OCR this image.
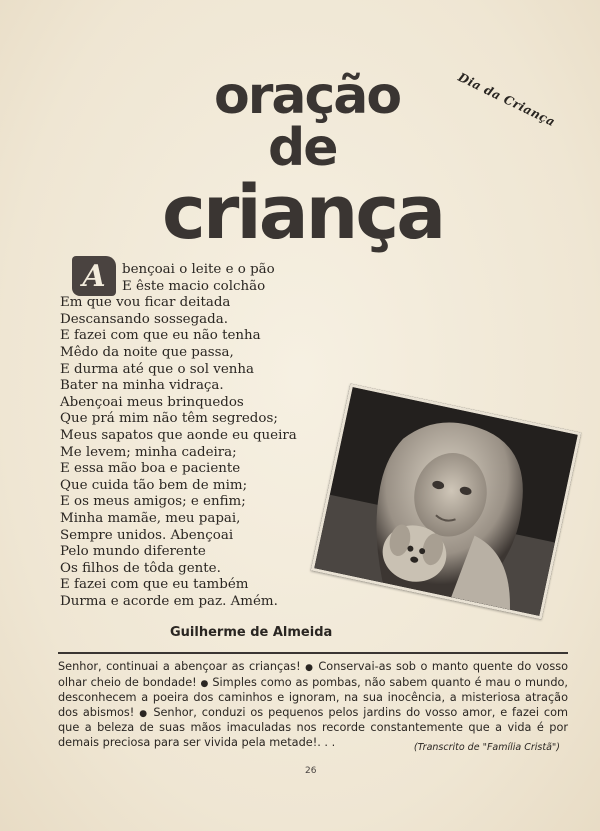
Dia da Criança
oração
de
criança
A	bençoai o leite e o pão
E êste macio colchão
Em que vou ficar deitada
Descansando sossegada.
E fazei com que eu não tenha
Mêdo da noite que passa,
E durma até que o sol venha
Bater na minha vidraça.
Abençoai meus brinquedos
Que prá mim não têm segredos;
Meus sapatos que aonde eu queira
Me levem; minha cadeira;
E essa mão boa e paciente
Que cuida tão bem de mim;
E os meus amigos; e enfim;
Minha mamãe, meu papai,
Sempre unidos. Abençoai
Pelo mundo diferente
Os filhos de tôda gente.
E fazei com que eu também
Durma e acorde em paz. Amém.
Guilherme de Almeida
Senhor, continuai a abençoar as crianças! ● Conservai-as sob o manto quente do vosso olhar cheio de bondade! ● Simples como as pombas, não sabem quanto é mau o mundo, desconhecem a poeira dos caminhos e ignoram, na sua inocência, a misteriosa atração dos abismos! ● Senhor, conduzi os pequenos pelos jardins do vosso amor, e fazei com que a beleza de suas mãos imaculadas nos recorde constantemente que a vida é por demais preciosa para ser vivida pela metade!. . .	(Transcrito de "Família Cristã")
26
